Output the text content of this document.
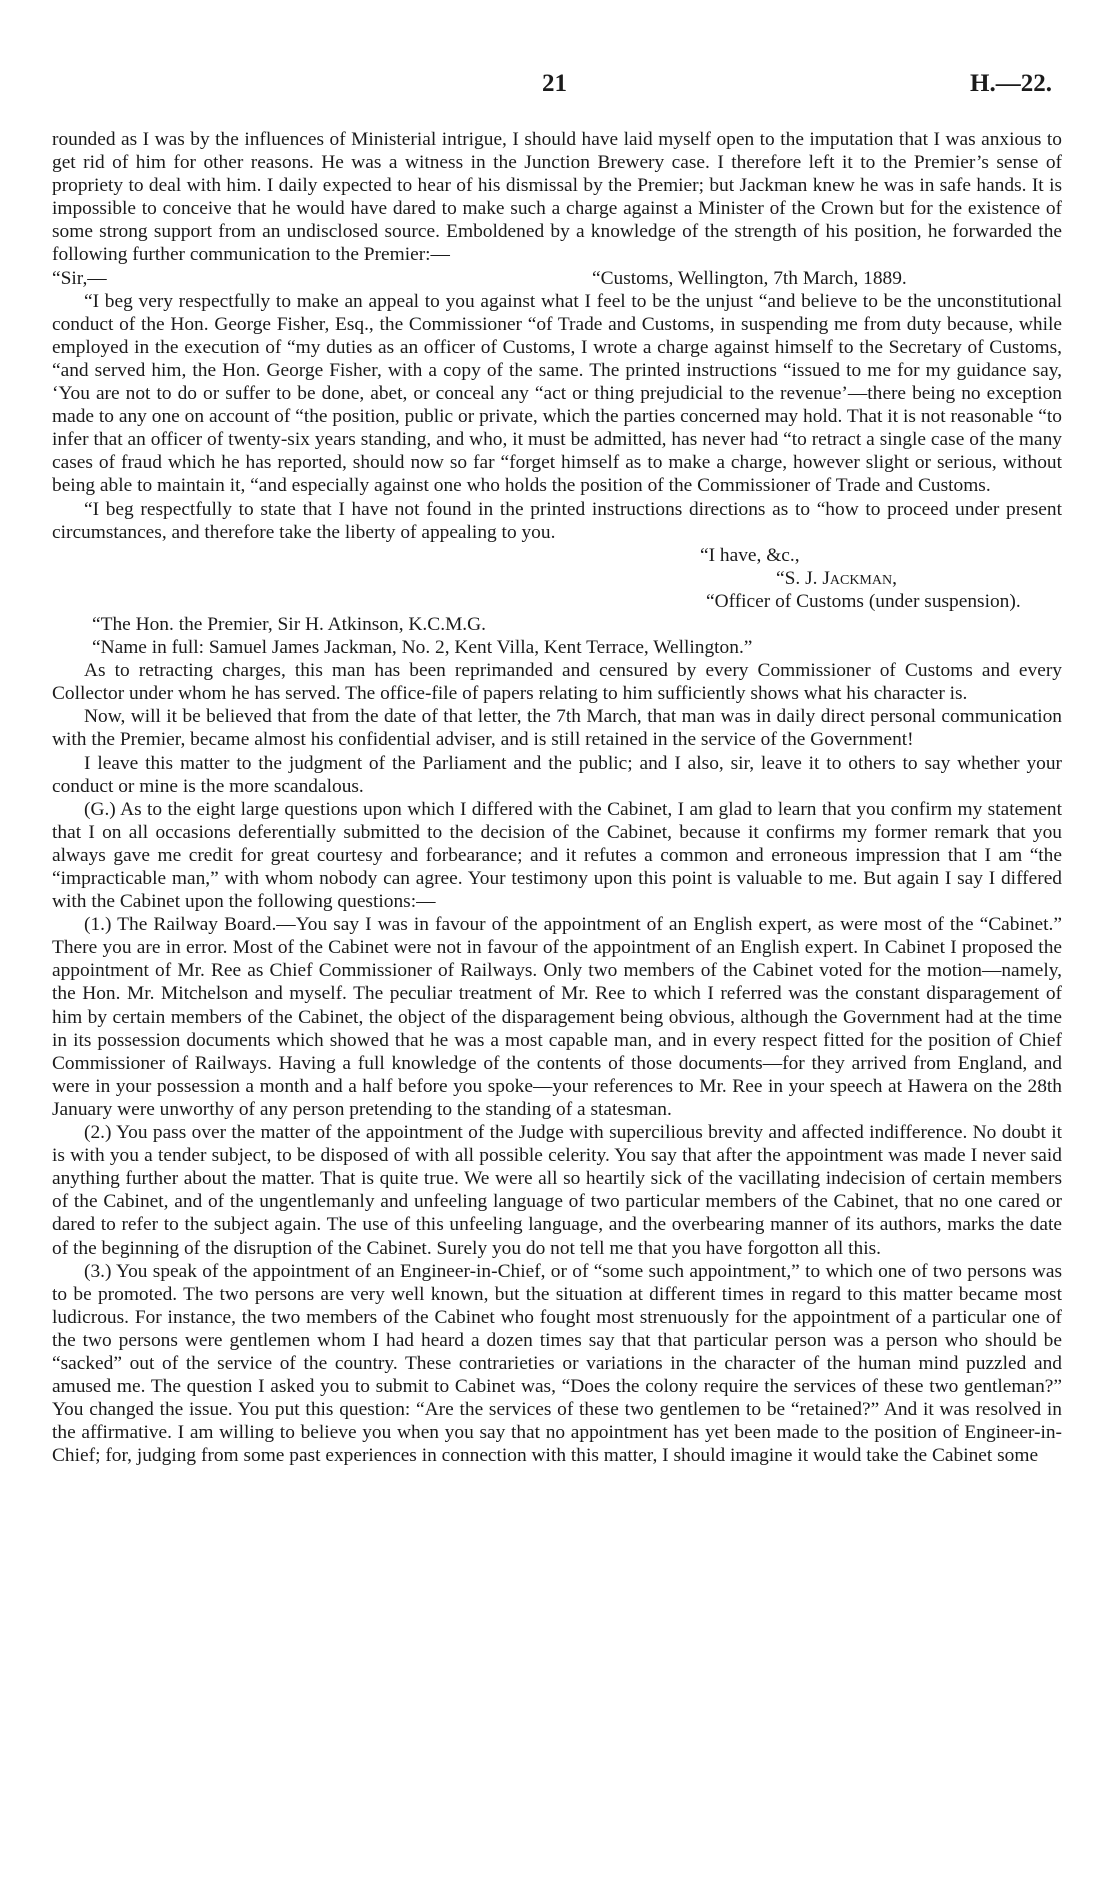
21	H.—22.

rounded as I was by the influences of Ministerial intrigue, I should have laid myself open to the imputation that I was anxious to get rid of him for other reasons. He was a witness in the Junction Brewery case. I therefore left it to the Premier’s sense of propriety to deal with him. I daily expected to hear of his dismissal by the Premier; but Jackman knew he was in safe hands. It is impossible to conceive that he would have dared to make such a charge against a Minister of the Crown but for the existence of some strong support from an undisclosed source. Emboldened by a knowledge of the strength of his position, he forwarded the following further communication to the Premier:—

“Sir,—	“Customs, Wellington, 7th March, 1889.

“I beg very respectfully to make an appeal to you against what I feel to be the unjust “and believe to be the unconstitutional conduct of the Hon. George Fisher, Esq., the Commissioner “of Trade and Customs, in suspending me from duty because, while employed in the execution of “my duties as an officer of Customs, I wrote a charge against himself to the Secretary of Customs, “and served him, the Hon. George Fisher, with a copy of the same. The printed instructions “issued to me for my guidance say, ‘You are not to do or suffer to be done, abet, or conceal any “act or thing prejudicial to the revenue’—there being no exception made to any one on account of “the position, public or private, which the parties concerned may hold. That it is not reasonable “to infer that an officer of twenty-six years standing, and who, it must be admitted, has never had “to retract a single case of the many cases of fraud which he has reported, should now so far “forget himself as to make a charge, however slight or serious, without being able to maintain it, “and especially against one who holds the position of the Commissioner of Trade and Customs.

“I beg respectfully to state that I have not found in the printed instructions directions as to “how to proceed under present circumstances, and therefore take the liberty of appealing to you.

“I have, &c.,

“S. J. Jackman,

“Officer of Customs (under suspension).

“The Hon. the Premier, Sir H. Atkinson, K.C.M.G.

“Name in full: Samuel James Jackman, No. 2, Kent Villa, Kent Terrace, Wellington.”

As to retracting charges, this man has been reprimanded and censured by every Commissioner of Customs and every Collector under whom he has served. The office-file of papers relating to him sufficiently shows what his character is.

Now, will it be believed that from the date of that letter, the 7th March, that man was in daily direct personal communication with the Premier, became almost his confidential adviser, and is still retained in the service of the Government!

I leave this matter to the judgment of the Parliament and the public; and I also, sir, leave it to others to say whether your conduct or mine is the more scandalous.

(G.) As to the eight large questions upon which I differed with the Cabinet, I am glad to learn that you confirm my statement that I on all occasions deferentially submitted to the decision of the Cabinet, because it confirms my former remark that you always gave me credit for great courtesy and forbearance; and it refutes a common and erroneous impression that I am “the “impracticable man,” with whom nobody can agree. Your testimony upon this point is valuable to me. But again I say I differed with the Cabinet upon the following questions:—

(1.) The Railway Board.—You say I was in favour of the appointment of an English expert, as were most of the “Cabinet.” There you are in error. Most of the Cabinet were not in favour of the appointment of an English expert. In Cabinet I proposed the appointment of Mr. Ree as Chief Commissioner of Railways. Only two members of the Cabinet voted for the motion—namely, the Hon. Mr. Mitchelson and myself. The peculiar treatment of Mr. Ree to which I referred was the constant disparagement of him by certain members of the Cabinet, the object of the disparagement being obvious, although the Government had at the time in its possession documents which showed that he was a most capable man, and in every respect fitted for the position of Chief Commissioner of Railways. Having a full knowledge of the contents of those documents—for they arrived from England, and were in your possession a month and a half before you spoke—your references to Mr. Ree in your speech at Hawera on the 28th January were unworthy of any person pretending to the standing of a statesman.

(2.) You pass over the matter of the appointment of the Judge with supercilious brevity and affected indifference. No doubt it is with you a tender subject, to be disposed of with all possible celerity. You say that after the appointment was made I never said anything further about the matter. That is quite true. We were all so heartily sick of the vacillating indecision of certain members of the Cabinet, and of the ungentlemanly and unfeeling language of two particular members of the Cabinet, that no one cared or dared to refer to the subject again. The use of this unfeeling language, and the overbearing manner of its authors, marks the date of the beginning of the disruption of the Cabinet. Surely you do not tell me that you have forgotton all this.

(3.) You speak of the appointment of an Engineer-in-Chief, or of “some such appointment,” to which one of two persons was to be promoted. The two persons are very well known, but the situation at different times in regard to this matter became most ludicrous. For instance, the two members of the Cabinet who fought most strenuously for the appointment of a particular one of the two persons were gentlemen whom I had heard a dozen times say that that particular person was a person who should be “sacked” out of the service of the country. These contrarieties or variations in the character of the human mind puzzled and amused me. The question I asked you to submit to Cabinet was, “Does the colony require the services of these two gentleman?” You changed the issue. You put this question: “Are the services of these two gentlemen to be “retained?” And it was resolved in the affirmative. I am willing to believe you when you say that no appointment has yet been made to the position of Engineer-in-Chief; for, judging from some past experiences in connection with this matter, I should imagine it would take the Cabinet some
